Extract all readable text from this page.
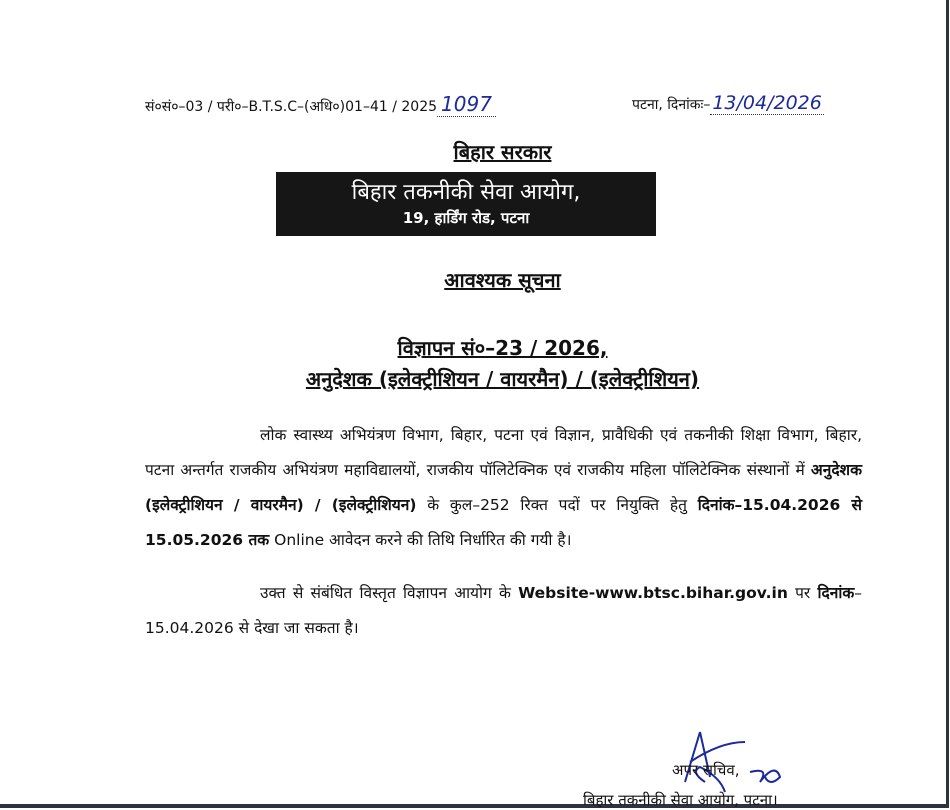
सं०सं०–03 / परी०–B.T.S.C–(अधि०)01–41 / 2025 1097	पटना, दिनांकः– 13/04/2026
बिहार सरकार
बिहार तकनीकी सेवा आयोग,
19, हार्डिंग रोड, पटना
आवश्यक सूचना
विज्ञापन सं०–23 / 2026,
अनुदेशक (इलेक्ट्रीशियन / वायरमैन) / (इलेक्ट्रीशियन)

लोक स्वास्थ्य अभियंत्रण विभाग, बिहार, पटना एवं विज्ञान, प्रावैधिकी एवं तकनीकी शिक्षा विभाग, बिहार, पटना अन्तर्गत राजकीय अभियंत्रण महाविद्यालयों, राजकीय पॉलिटेक्निक एवं राजकीय महिला पॉलिटेक्निक संस्थानों में अनुदेशक (इलेक्ट्रीशियन / वायरमैन) / (इलेक्ट्रीशियन) के कुल–252 रिक्त पदों पर नियुक्ति हेतु दिनांक–15.04.2026 से 15.05.2026 तक Online आवेदन करने की तिथि निर्धारित की गयी है।

उक्त से संबंधित विस्तृत विज्ञापन आयोग के Website-www.btsc.bihar.gov.in पर दिनांक–15.04.2026 से देखा जा सकता है।

अपर सचिव,
बिहार तकनीकी सेवा आयोग, पटना।
